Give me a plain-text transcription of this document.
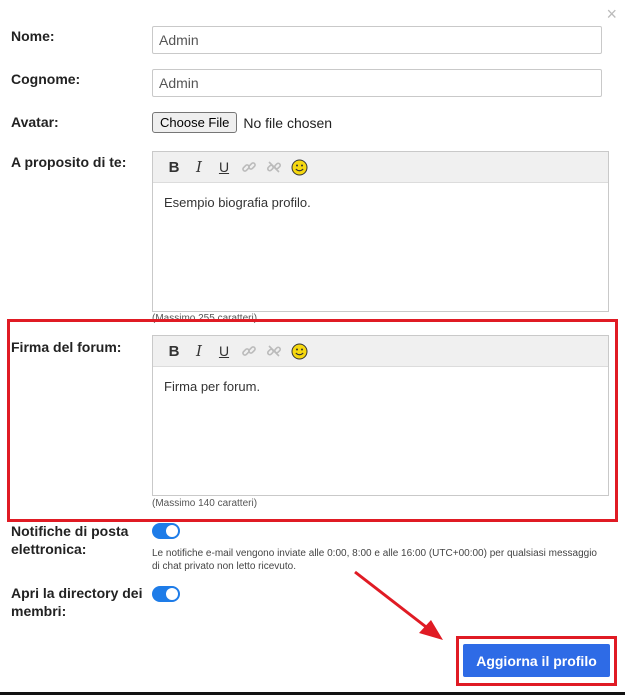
×
Nome:
Admin
Cognome:
Admin
Avatar:	Choose File	No file chosen
A proposito di te:	B	I	U
Esempio biografia profilo.
(Massimo 255 caratteri)
Firma del forum:	B	I	U
Firma per forum.
(Massimo 140 caratteri)
Notifiche di posta elettronica:	Le notifiche e-mail vengono inviate alle 0:00, 8:00 e alle 16:00 (UTC+00:00) per qualsiasi messaggio di chat privato non letto ricevuto.
Apri la directory dei membri:
Aggiorna il profilo
